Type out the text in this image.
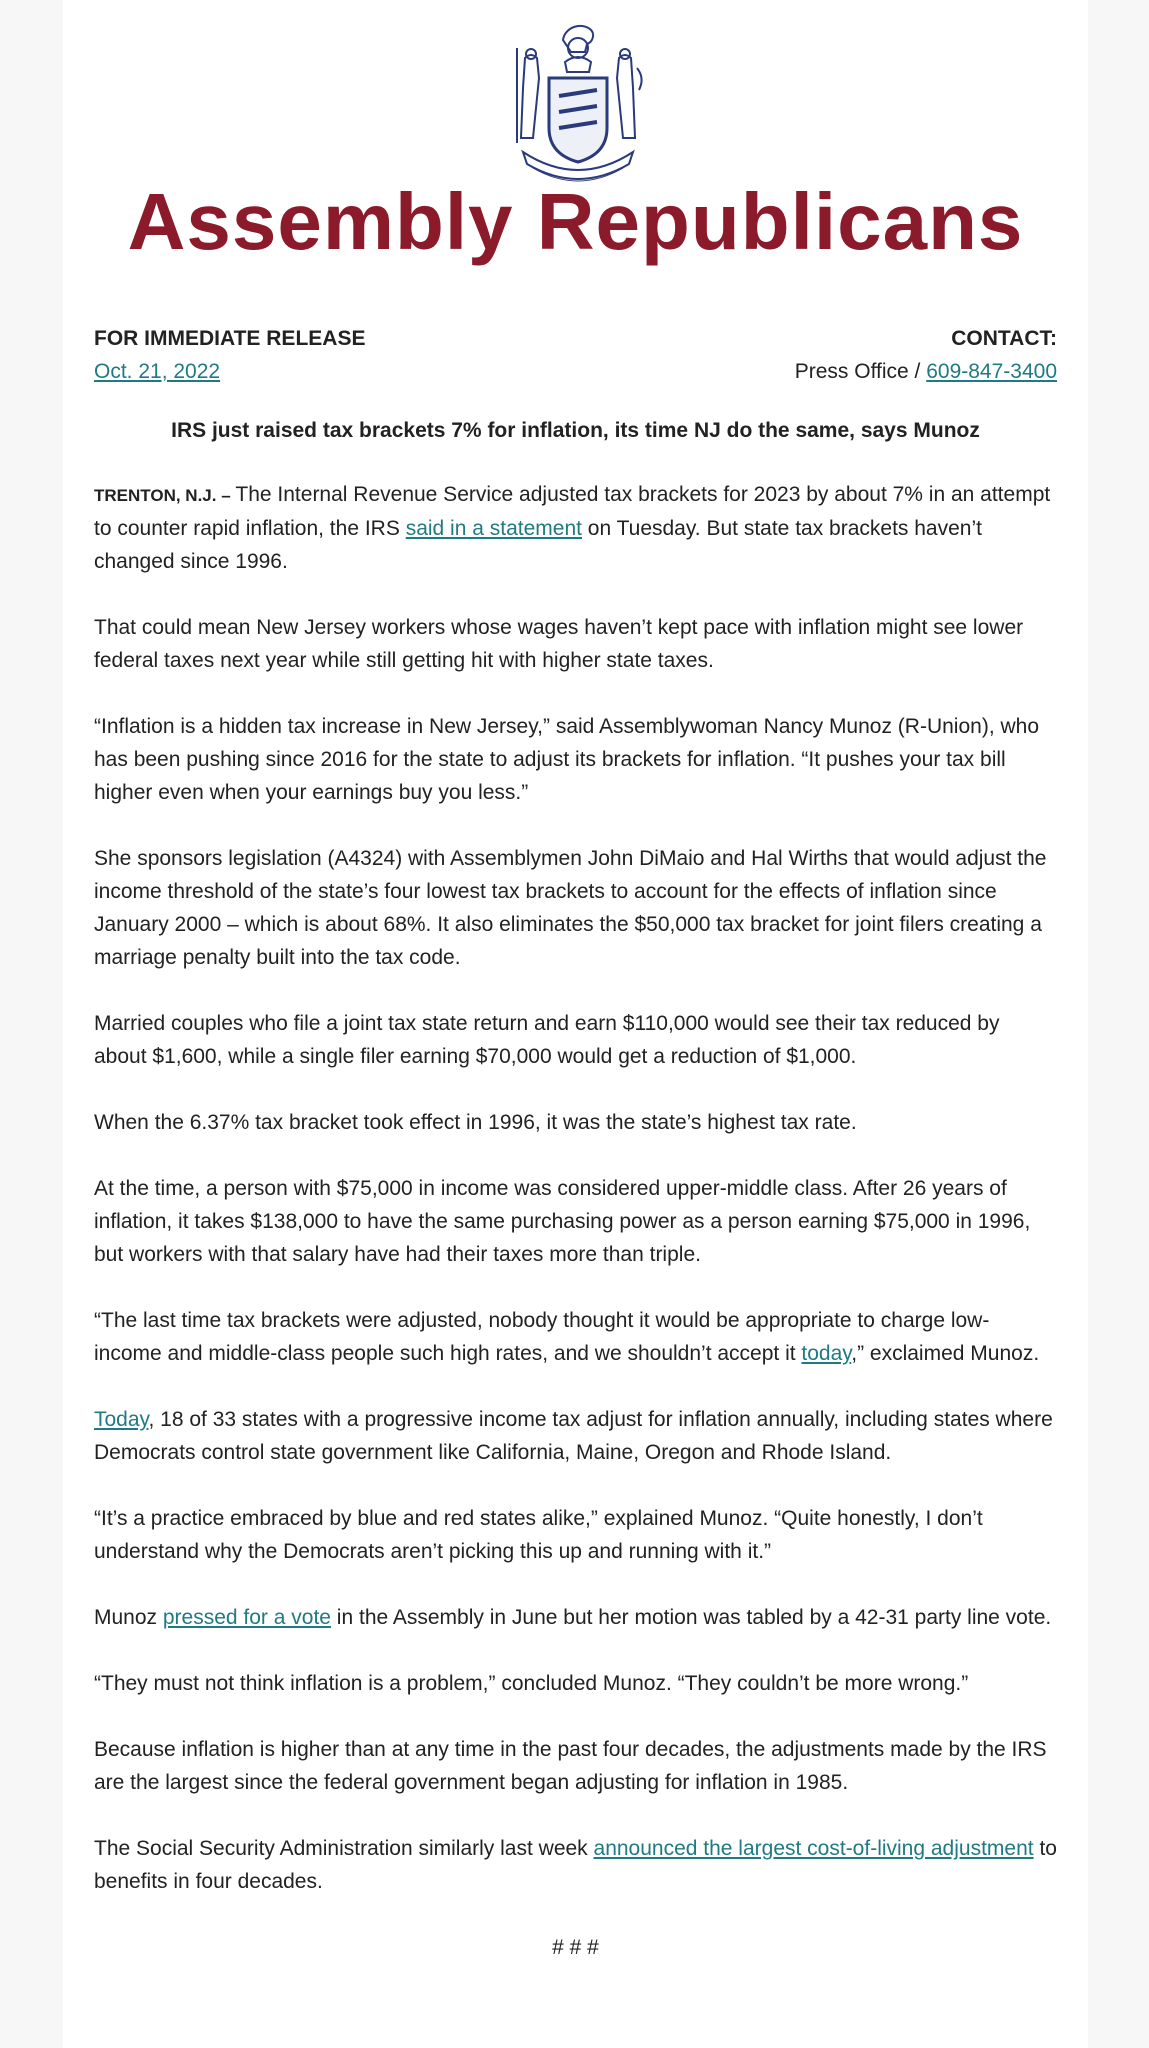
Assembly Republicans
FOR IMMEDIATE RELEASE
Oct. 21, 2022
CONTACT:
Press Office / 609-847-3400
IRS just raised tax brackets 7% for inflation, its time NJ do the same, says Munoz

TRENTON, N.J. – The Internal Revenue Service adjusted tax brackets for 2023 by about 7% in an attempt to counter rapid inflation, the IRS said in a statement on Tuesday. But state tax brackets haven’t changed since 1996.

That could mean New Jersey workers whose wages haven’t kept pace with inflation might see lower federal taxes next year while still getting hit with higher state taxes.

“Inflation is a hidden tax increase in New Jersey,” said Assemblywoman Nancy Munoz (R-Union), who has been pushing since 2016 for the state to adjust its brackets for inflation. “It pushes your tax bill higher even when your earnings buy you less.”

She sponsors legislation (A4324) with Assemblymen John DiMaio and Hal Wirths that would adjust the income threshold of the state’s four lowest tax brackets to account for the effects of inflation since January 2000 – which is about 68%. It also eliminates the $50,000 tax bracket for joint filers creating a marriage penalty built into the tax code.

Married couples who file a joint tax state return and earn $110,000 would see their tax reduced by about $1,600, while a single filer earning $70,000 would get a reduction of $1,000.

When the 6.37% tax bracket took effect in 1996, it was the state’s highest tax rate.

At the time, a person with $75,000 in income was considered upper-middle class. After 26 years of inflation, it takes $138,000 to have the same purchasing power as a person earning $75,000 in 1996, but workers with that salary have had their taxes more than triple.

“The last time tax brackets were adjusted, nobody thought it would be appropriate to charge low-income and middle-class people such high rates, and we shouldn’t accept it today,” exclaimed Munoz.

Today, 18 of 33 states with a progressive income tax adjust for inflation annually, including states where Democrats control state government like California, Maine, Oregon and Rhode Island.

“It’s a practice embraced by blue and red states alike,” explained Munoz. “Quite honestly, I don’t understand why the Democrats aren’t picking this up and running with it.”

Munoz pressed for a vote in the Assembly in June but her motion was tabled by a 42-31 party line vote.

“They must not think inflation is a problem,” concluded Munoz. “They couldn’t be more wrong.”

Because inflation is higher than at any time in the past four decades, the adjustments made by the IRS are the largest since the federal government began adjusting for inflation in 1985.

The Social Security Administration similarly last week announced the largest cost-of-living adjustment to benefits in four decades.

# # #
